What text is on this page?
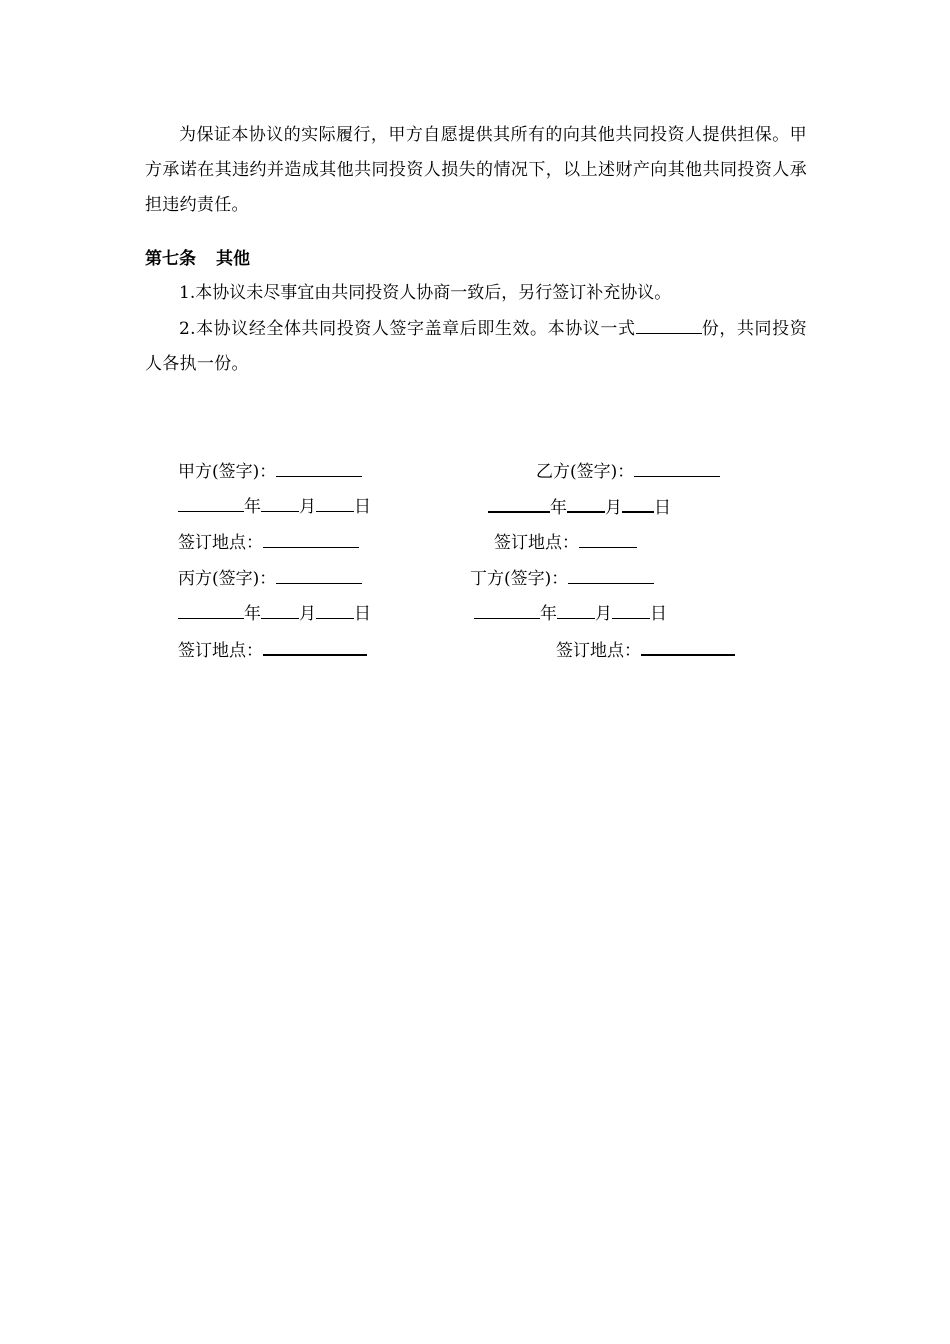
为保证本协议的实际履行，甲方自愿提供其所有的向其他共同投资人提供担保。甲方承诺在其违约并造成其他共同投资人损失的情况下，以上述财产向其他共同投资人承担违约责任。
第七条 其他
1.本协议未尽事宜由共同投资人协商一致后，另行签订补充协议。
2.本协议经全体共同投资人签字盖章后即生效。本协议一式	份，共同投资人各执一份。
甲方(签字)：	乙方(签字)：
年 月 日	年 月 日
签订地点：	签订地点：
丙方(签字)：	丁方(签字)：
年 月 日	年 月 日
签订地点：	签订地点：
